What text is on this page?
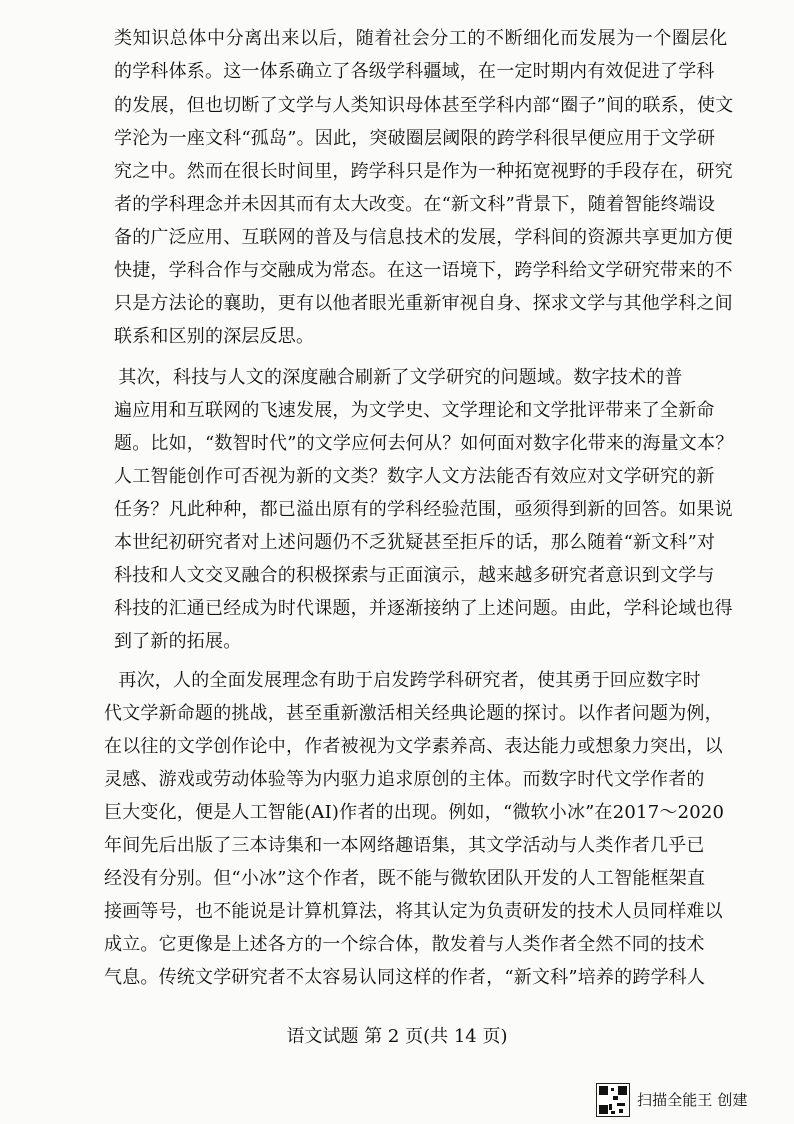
类知识总体中分离出来以后，随着社会分工的不断细化而发展为一个圈层化
的学科体系。这一体系确立了各级学科疆域，在一定时期内有效促进了学科
的发展，但也切断了文学与人类知识母体甚至学科内部“圈子”间的联系，使文
学沦为一座文科“孤岛”。因此，突破圈层阈限的跨学科很早便应用于文学研
究之中。然而在很长时间里，跨学科只是作为一种拓宽视野的手段存在，研究
者的学科理念并未因其而有太大改变。在“新文科”背景下，随着智能终端设
备的广泛应用、互联网的普及与信息技术的发展，学科间的资源共享更加方便
快捷，学科合作与交融成为常态。在这一语境下，跨学科给文学研究带来的不
只是方法论的襄助，更有以他者眼光重新审视自身、探求文学与其他学科之间
联系和区别的深层反思。
　　其次，科技与人文的深度融合刷新了文学研究的问题域。数字技术的普
遍应用和互联网的飞速发展，为文学史、文学理论和文学批评带来了全新命
题。比如，“数智时代”的文学应何去何从？如何面对数字化带来的海量文本？
人工智能创作可否视为新的文类？数字人文方法能否有效应对文学研究的新
任务？凡此种种，都已溢出原有的学科经验范围，亟须得到新的回答。如果说
本世纪初研究者对上述问题仍不乏犹疑甚至拒斥的话，那么随着“新文科”对
科技和人文交叉融合的积极探索与正面演示，越来越多研究者意识到文学与
科技的汇通已经成为时代课题，并逐渐接纳了上述问题。由此，学科论域也得
到了新的拓展。
　　再次，人的全面发展理念有助于启发跨学科研究者，使其勇于回应数字时
代文学新命题的挑战，甚至重新激活相关经典论题的探讨。以作者问题为例，
在以往的文学创作论中，作者被视为文学素养高、表达能力或想象力突出，以
灵感、游戏或劳动体验等为内驱力追求原创的主体。而数字时代文学作者的
巨大变化，便是人工智能(AI)作者的出现。例如，“微软小冰”在2017～2020
年间先后出版了三本诗集和一本网络趣语集，其文学活动与人类作者几乎已
经没有分别。但“小冰”这个作者，既不能与微软团队开发的人工智能框架直
接画等号，也不能说是计算机算法，将其认定为负责研发的技术人员同样难以
成立。它更像是上述各方的一个综合体，散发着与人类作者全然不同的技术
气息。传统文学研究者不太容易认同这样的作者，“新文科”培养的跨学科人
语文试题 第 2 页(共 14 页)
扫描全能王 创建
